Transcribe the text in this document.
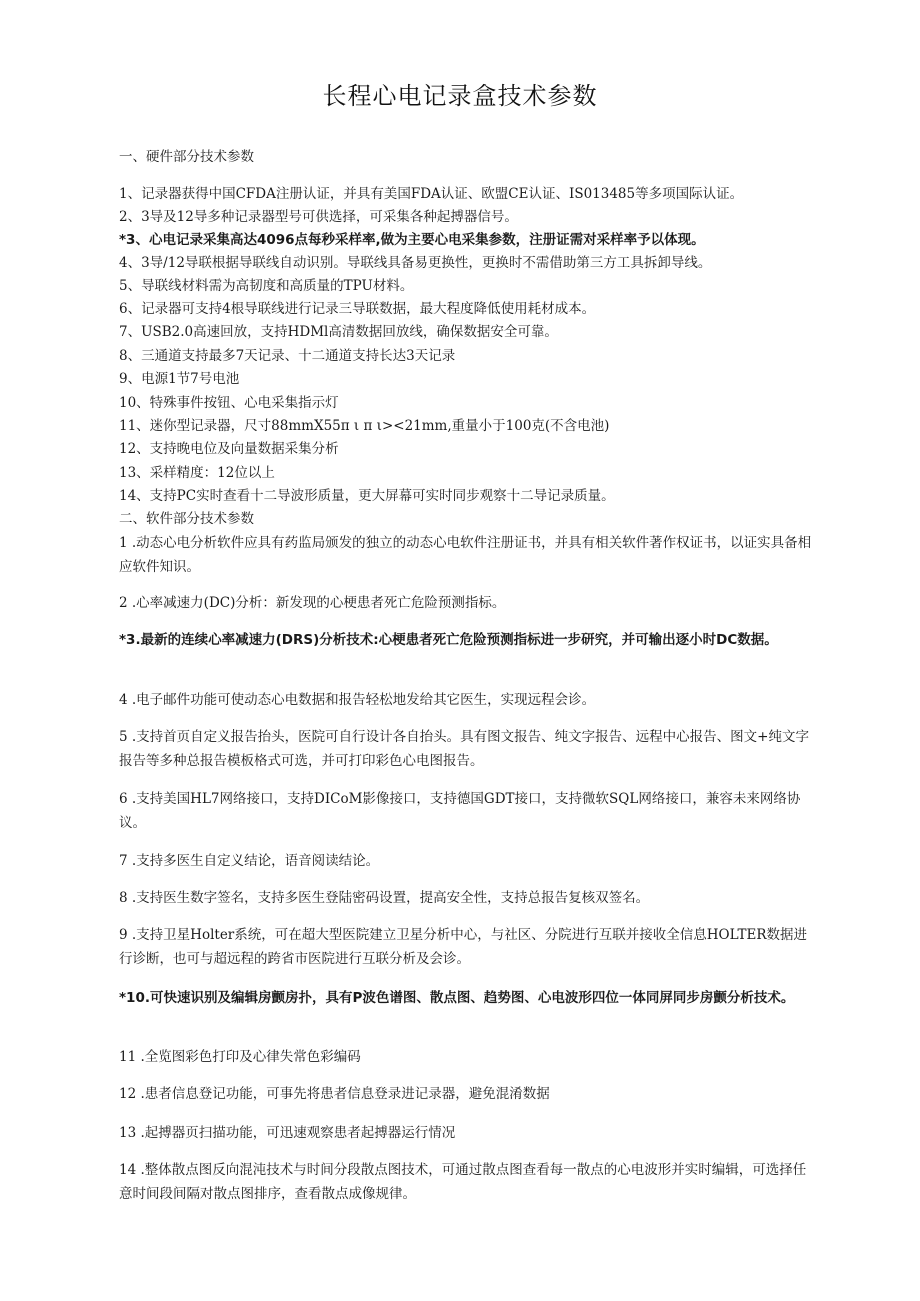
长程心电记录盒技术参数
一、硬件部分技术参数
1、记录器获得中国CFDA注册认证，并具有美国FDA认证、欧盟CE认证、IS013485等多项国际认证。
2、3导及12导多种记录器型号可供选择，可采集各种起搏器信号。
*3、心电记录采集高达4096点每秒采样率,做为主要心电采集参数，注册证需对采样率予以体现。
4、3导/12导联根据导联线自动识别。导联线具备易更换性，更换时不需借助第三方工具拆卸导线。
5、导联线材料需为高韧度和高质量的TPU材料。
6、记录器可支持4根导联线进行记录三导联数据，最大程度降低使用耗材成本。
7、USB2.0高速回放，支持HDMl高清数据回放线，确保数据安全可靠。
8、三通道支持最多7天记录、十二通道支持长达3天记录
9、电源1节7号电池
10、特殊事件按钮、心电采集指示灯
11、迷你型记录器，尺寸88mmX55π ι π ι><21mm,重量小于100克(不含电池)
12、支持晚电位及向量数据采集分析
13、采样精度：12位以上
14、支持PC实时查看十二导波形质量，更大屏幕可实时同步观察十二导记录质量。
二、软件部分技术参数
1 .动态心电分析软件应具有药监局颁发的独立的动态心电软件注册证书，并具有相关软件著作权证书，以证实具备相应软件知识。
2 .心率减速力(DC)分析：新发现的心梗患者死亡危险预测指标。
*3.最新的连续心率减速力(DRS)分析技术:心梗患者死亡危险预测指标进一步研究，并可输出逐小时DC数据。
4 .电子邮件功能可使动态心电数据和报告轻松地发给其它医生，实现远程会诊。
5 .支持首页自定义报告抬头，医院可自行设计各自抬头。具有图文报告、纯文字报告、远程中心报告、图文+纯文字报告等多种总报告模板格式可选，并可打印彩色心电图报告。
6 .支持美国HL7网络接口，支持DICoM影像接口，支持德国GDT接口，支持微软SQL网络接口，兼容未来网络协议。
7 .支持多医生自定义结论，语音阅读结论。
8 .支持医生数字签名，支持多医生登陆密码设置，提高安全性，支持总报告复核双签名。
9 .支持卫星Holter系统，可在超大型医院建立卫星分析中心，与社区、分院进行互联并接收全信息HOLTER数据进行诊断，也可与超远程的跨省市医院进行互联分析及会诊。
*10.可快速识别及编辑房颤房扑，具有P波色谱图、散点图、趋势图、心电波形四位一体同屏同步房颤分析技术。
11 .全览图彩色打印及心律失常色彩编码
12 .患者信息登记功能，可事先将患者信息登录进记录器，避免混淆数据
13 .起搏器页扫描功能，可迅速观察患者起搏器运行情况
14 .整体散点图反向混沌技术与时间分段散点图技术，可通过散点图查看每一散点的心电波形并实时编辑，可选择任意时间段间隔对散点图排序，查看散点成像规律。
